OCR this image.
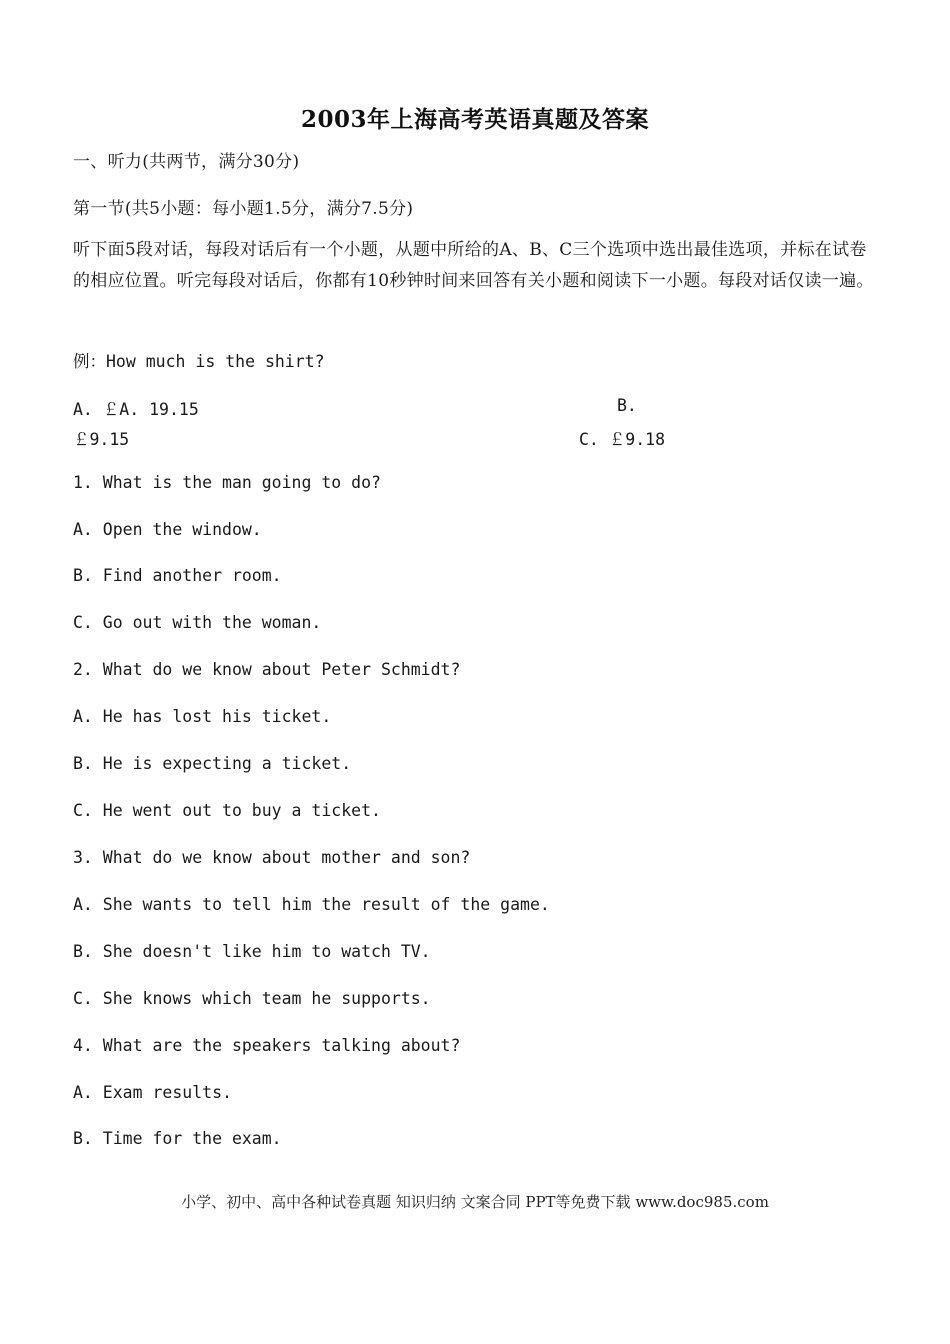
2003年上海高考英语真题及答案
一、听力(共两节，满分30分)
第一节(共5小题：每小题1.5分，满分7.5分)
听下面5段对话，每段对话后有一个小题，从题中所给的A、B、C三个选项中选出最佳选项，并标在试卷的相应位置。听完每段对话后，你都有10秒钟时间来回答有关小题和阅读下一小题。每段对话仅读一遍。
例：How much is the shirt?
A. ￡A. 19.15	B.
￡9.15	C. ￡9.18
1. What is the man going to do?
A. Open the window.
B. Find another room.
C. Go out with the woman.
2. What do we know about Peter Schmidt?
A. He has lost his ticket.
B. He is expecting a ticket.
C. He went out to buy a ticket.
3. What do we know about mother and son?
A. She wants to tell him the result of the game.
B. She doesn't like him to watch TV.
C. She knows which team he supports.
4. What are the speakers talking about?
A. Exam results.
B. Time for the exam.
小学、初中、高中各种试卷真题 知识归纳 文案合同 PPT等免费下载 www.doc985.com
